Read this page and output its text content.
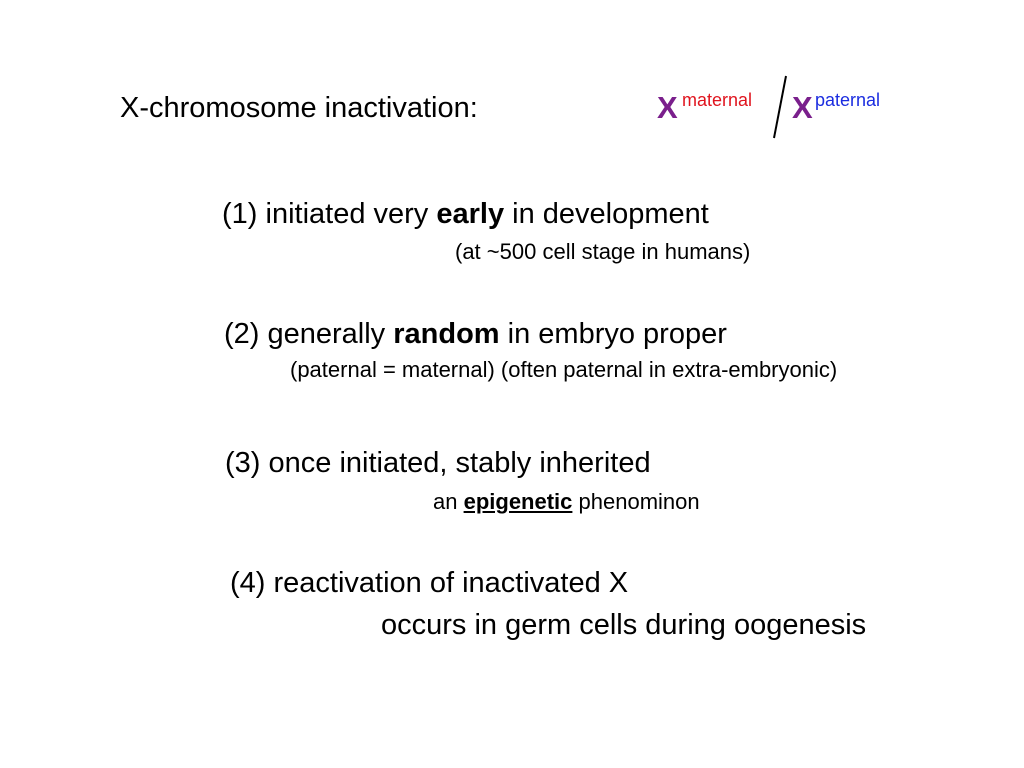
X-chromosome inactivation:	X maternal X paternal
(1) initiated very early in development
(at ~500 cell stage in humans)
(2) generally random in embryo proper
(paternal = maternal) (often paternal in extra-embryonic)
(3) once initiated, stably inherited
an epigenetic phenominon
(4) reactivation of inactivated X
occurs in germ cells during oogenesis
